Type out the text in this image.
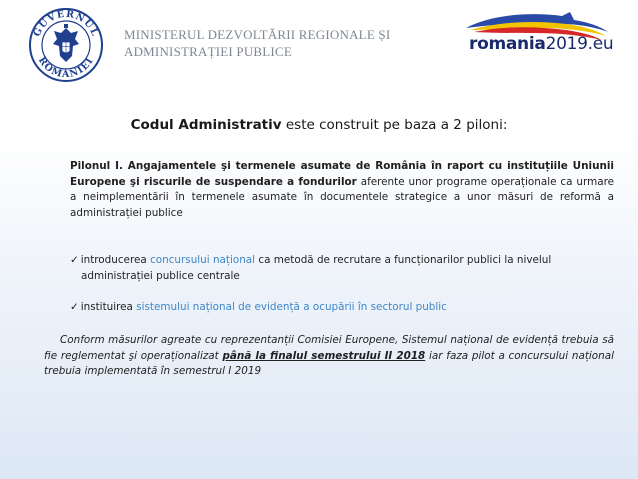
GUVERNUL
ROMÂNIEI
MINISTERUL DEZVOLTĂRII REGIONALE ȘI
ADMINISTRAȚIEI PUBLICE	romania2019.eu
Codul Administrativ este construit pe baza a 2 piloni:
Pilonul I. Angajamentele şi termenele asumate de România în raport cu instituțiile Uniunii Europene şi riscurile de suspendare a fondurilor aferente unor programe operaționale ca urmare a neimplementării în termenele asumate în documentele strategice a unor măsuri de reformă a administrației publice
✓ introducerea concursului național ca metodă de recrutare a funcționarilor publici la nivelul
administrației publice centrale
✓ instituirea sistemului național de evidență a ocupării în sectorul public
Conform măsurilor agreate cu reprezentanții Comisiei Europene, Sistemul național de evidență trebuia să fie reglementat şi operaționalizat până la finalul semestrului II 2018 iar faza pilot a concursului național trebuia implementată în semestrul I 2019
